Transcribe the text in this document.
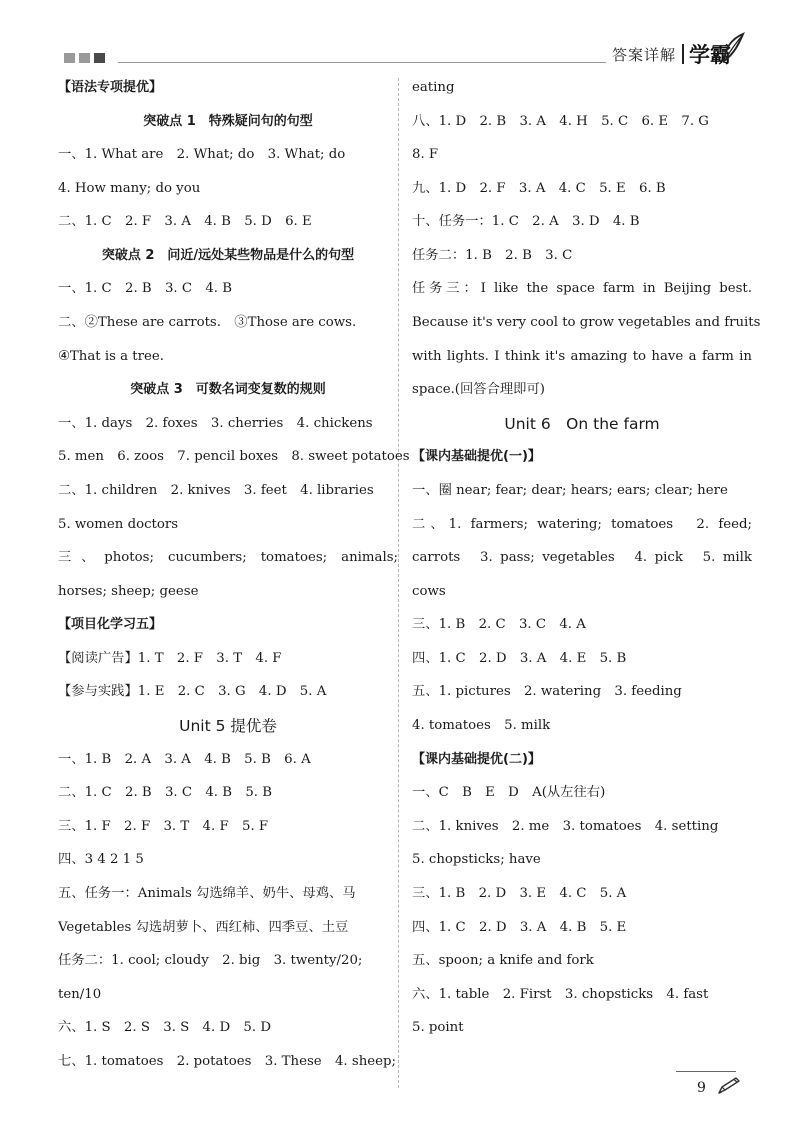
答案详解 学霸
【语法专项提优】
突破点 1　特殊疑问句的句型
一、1. What are　2. What; do　3. What; do
4. How many; do you
二、1. C　2. F　3. A　4. B　5. D　6. E
突破点 2　问近/远处某些物品是什么的句型
一、1. C　2. B　3. C　4. B
二、②These are carrots.　③Those are cows.
④That is a tree.
突破点 3　可数名词变复数的规则
一、1. days　2. foxes　3. cherries　4. chickens
5. men　6. zoos　7. pencil boxes　8. sweet potatoes
二、1. children　2. knives　3. feet　4. libraries
5. women doctors
三、photos; cucumbers; tomatoes; animals;
horses; sheep; geese
【项目化学习五】
【阅读广告】1. T　2. F　3. T　4. F
【参与实践】1. E　2. C　3. G　4. D　5. A
Unit 5 提优卷
一、1. B　2. A　3. A　4. B　5. B　6. A
二、1. C　2. B　3. C　4. B　5. B
三、1. F　2. F　3. T　4. F　5. F
四、3 4 2 1 5
五、任务一：Animals 勾选绵羊、奶牛、母鸡、马
Vegetables 勾选胡萝卜、西红柿、四季豆、土豆
任务二：1. cool; cloudy　2. big　3. twenty/20;
ten/10
六、1. S　2. S　3. S　4. D　5. D
七、1. tomatoes　2. potatoes　3. These　4. sheep;
eating
八、1. D　2. B　3. A　4. H　5. C　6. E　7. G
8. F
九、1. D　2. F　3. A　4. C　5. E　6. B
十、任务一：1. C　2. A　3. D　4. B
任务二：1. B　2. B　3. C
任务三：I like the space farm in Beijing best.
Because it's very cool to grow vegetables and fruits
with lights. I think it's amazing to have a farm in
space.(回答合理即可)
Unit 6　On the farm
【课内基础提优(一)】
一、圈 near; fear; dear; hears; ears; clear; here
二、1. farmers; watering; tomatoes　2. feed;
carrots　3. pass; vegetables　4. pick　5. milk
cows
三、1. B　2. C　3. C　4. A
四、1. C　2. D　3. A　4. E　5. B
五、1. pictures　2. watering　3. feeding
4. tomatoes　5. milk
【课内基础提优(二)】
一、C　B　E　D　A(从左往右)
二、1. knives　2. me　3. tomatoes　4. setting
5. chopsticks; have
三、1. B　2. D　3. E　4. C　5. A
四、1. C　2. D　3. A　4. B　5. E
五、spoon; a knife and fork
六、1. table　2. First　3. chopsticks　4. fast
5. point
9
